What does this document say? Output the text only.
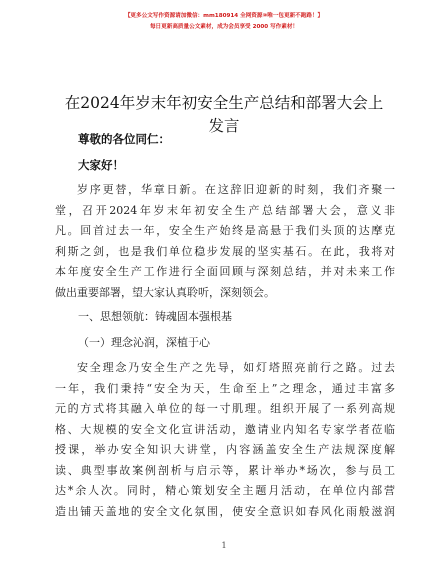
【更多公文写作资源请加微信：mm180914 全网资源⑩唯一包更新不跑路！】
每日更新高质量公文素材，成为会员享受 2000 写作素材！
在2024年岁末年初安全生产总结和部署大会上
发言
尊敬的各位同仁：
大家好！
岁序更替，华章日新。在这辞旧迎新的时刻，我们齐聚一
堂，召开2024年岁末年初安全生产总结部署大会，意义非
凡。回首过去一年，安全生产始终是高悬于我们头顶的达摩克
利斯之剑，也是我们单位稳步发展的坚实基石。在此，我将对
本年度安全生产工作进行全面回顾与深刻总结，并对未来工作
做出重要部署，望大家认真聆听，深刻领会。
一、思想领航：铸魂固本强根基
（一）理念沁润，深植于心
安全理念乃安全生产之先导，如灯塔照亮前行之路。过去
一年，我们秉持“安全为天，生命至上”之理念，通过丰富多
元的方式将其融入单位的每一寸肌理。组织开展了一系列高规
格、大规模的安全文化宣讲活动，邀请业内知名专家学者莅临
授课，举办安全知识大讲堂，内容涵盖安全生产法规深度解
读、典型事故案例剖析与启示等，累计举办*场次，参与员工
达*余人次。同时，精心策划安全主题月活动，在单位内部营
造出铺天盖地的安全文化氛围，使安全意识如春风化雨般滋润
1
